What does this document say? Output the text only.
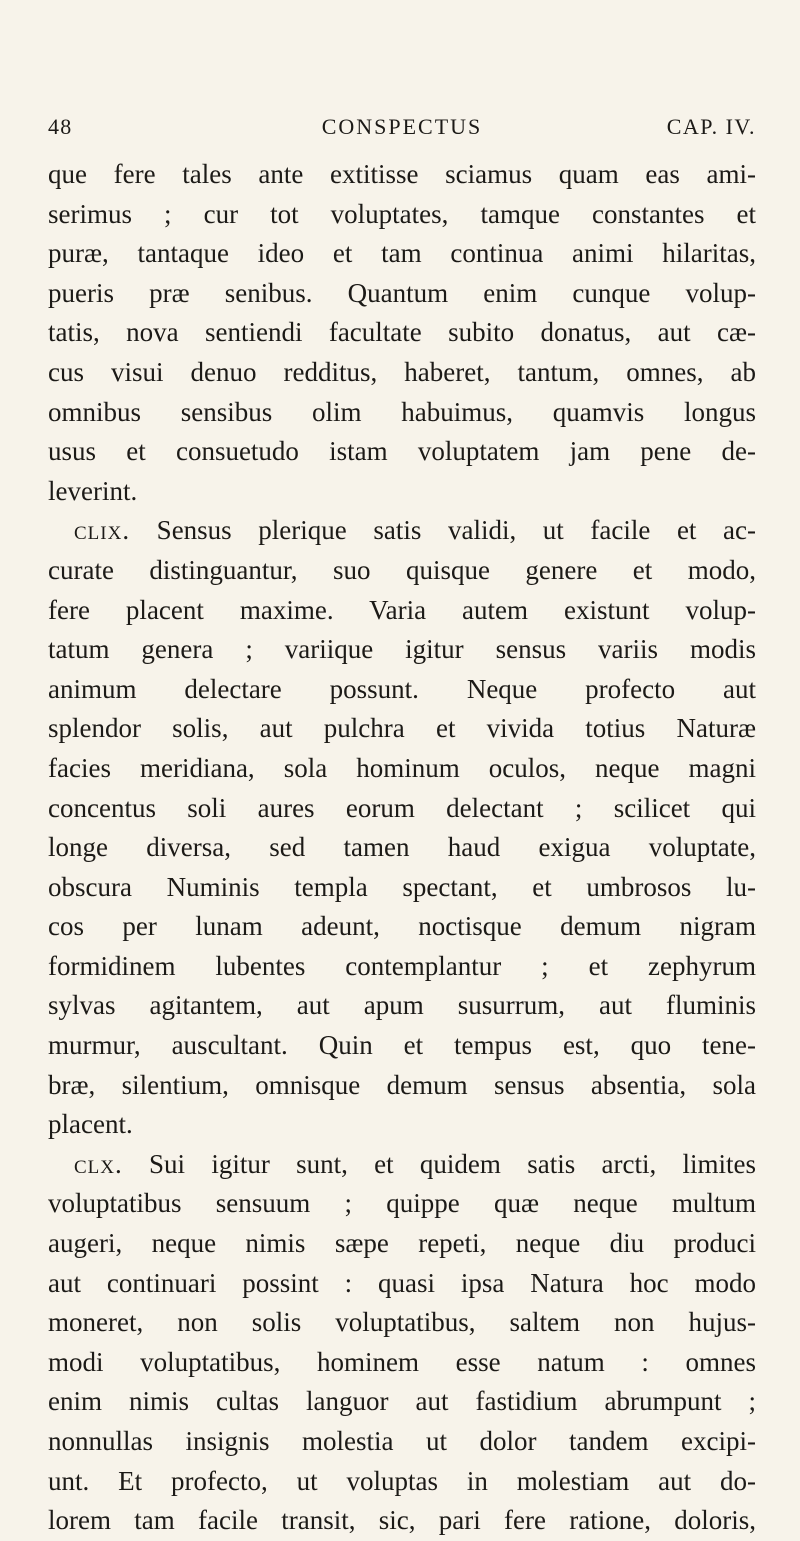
48	CONSPECTUS	CAP. IV.
que fere tales ante extitisse sciamus quam eas ami-
serimus ; cur tot voluptates, tamque constantes et
puræ, tantaque ideo et tam continua animi hilaritas,
pueris præ senibus. Quantum enim cunque volup-
tatis, nova sentiendi facultate subito donatus, aut cæ-
cus visui denuo redditus, haberet, tantum, omnes, ab
omnibus sensibus olim habuimus, quamvis longus
usus et consuetudo istam voluptatem jam pene de-
leverint.
clix. Sensus plerique satis validi, ut facile et ac-
curate distinguantur, suo quisque genere et modo,
fere placent maxime. Varia autem existunt volup-
tatum genera ; variique igitur sensus variis modis
animum delectare possunt. Neque profecto aut
splendor solis, aut pulchra et vivida totius Naturæ
facies meridiana, sola hominum oculos, neque magni
concentus soli aures eorum delectant ; scilicet qui
longe diversa, sed tamen haud exigua voluptate,
obscura Numinis templa spectant, et umbrosos lu-
cos per lunam adeunt, noctisque demum nigram
formidinem lubentes contemplantur ; et zephyrum
sylvas agitantem, aut apum susurrum, aut fluminis
murmur, auscultant. Quin et tempus est, quo tene-
bræ, silentium, omnisque demum sensus absentia, sola
placent.
clx. Sui igitur sunt, et quidem satis arcti, limites
voluptatibus sensuum ; quippe quæ neque multum
augeri, neque nimis sæpe repeti, neque diu produci
aut continuari possint : quasi ipsa Natura hoc modo
moneret, non solis voluptatibus, saltem non hujus-
modi voluptatibus, hominem esse natum : omnes
enim nimis cultas languor aut fastidium abrumpunt ;
nonnullas insignis molestia ut dolor tandem excipi-
unt. Et profecto, ut voluptas in molestiam aut do-
lorem tam facile transit, sic, pari fere ratione, doloris,
